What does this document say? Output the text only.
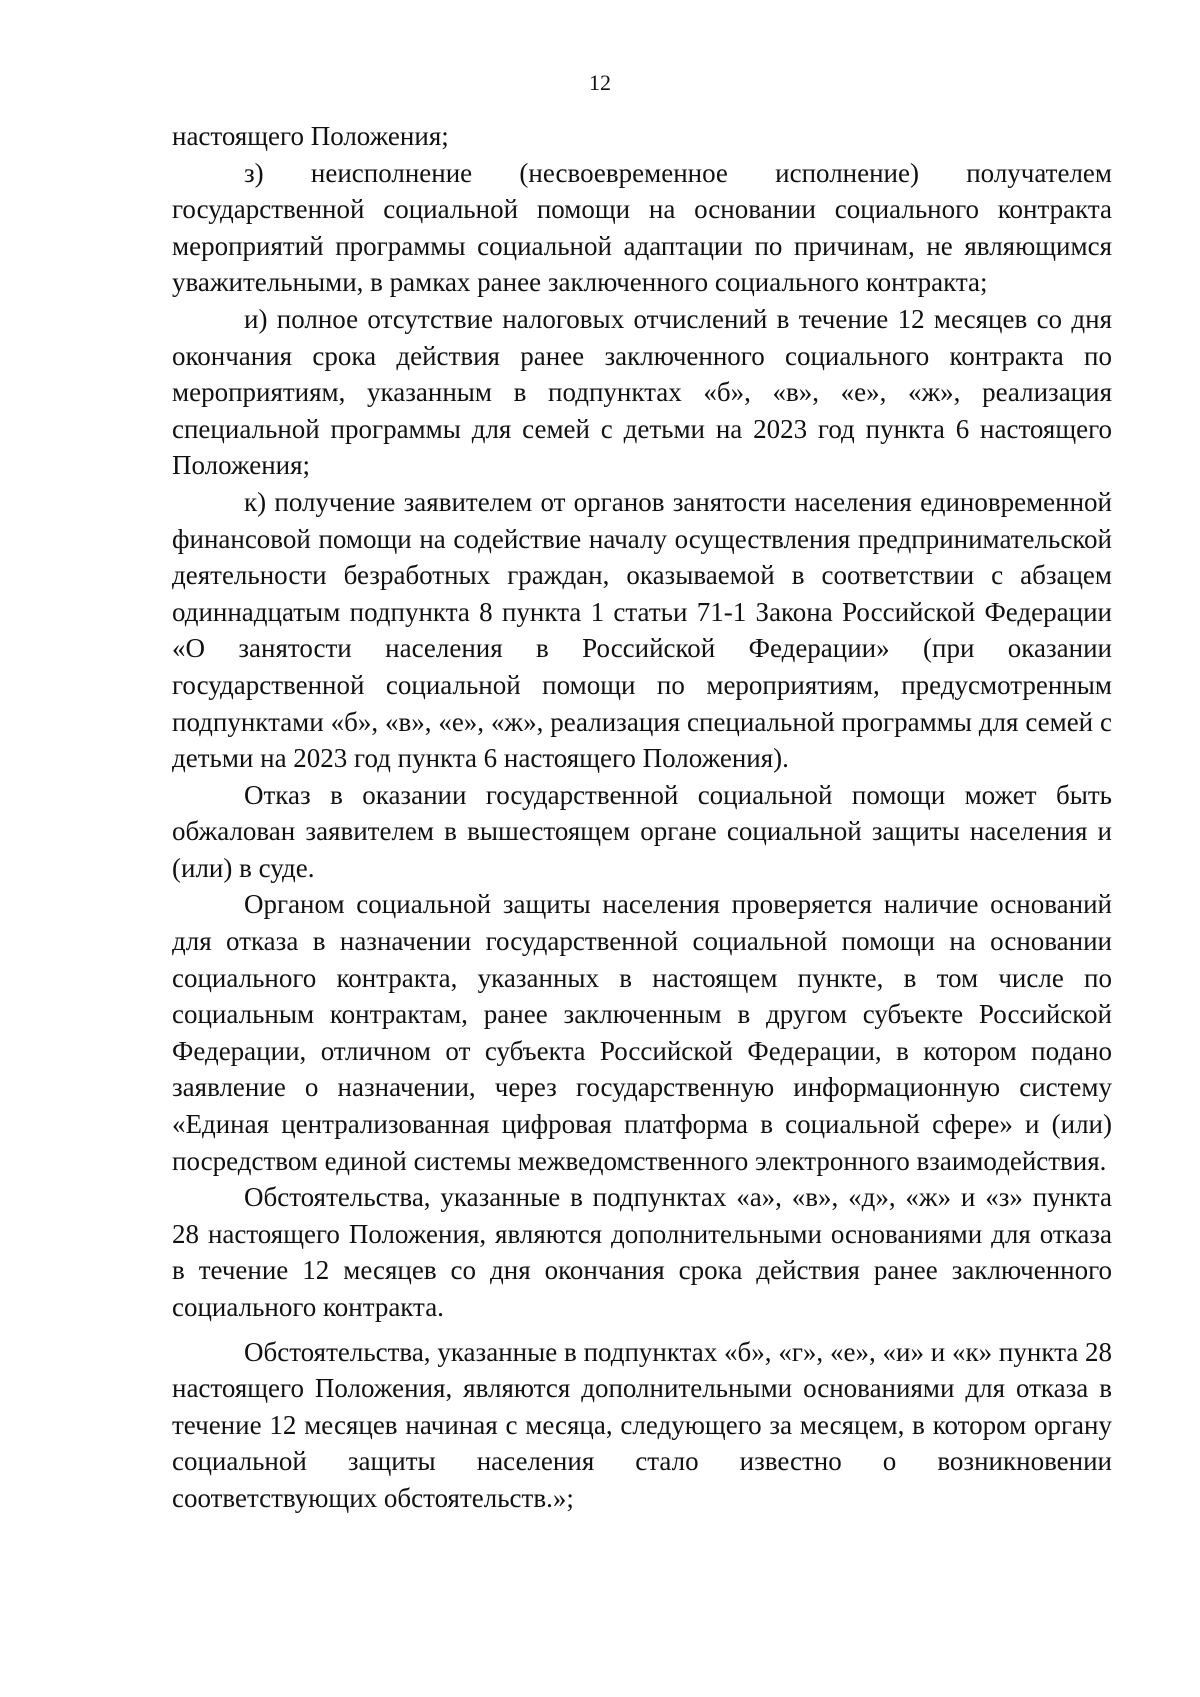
12

настоящего Положения;

з) неисполнение (несвоевременное исполнение) получателем государственной социальной помощи на основании социального контракта мероприятий программы социальной адаптации по причинам, не являющимся уважительными, в рамках ранее заключенного социального контракта;

и) полное отсутствие налоговых отчислений в течение 12 месяцев со дня окончания срока действия ранее заключенного социального контракта по мероприятиям, указанным в подпунктах «б», «в», «е», «ж», реализация специальной программы для семей с детьми на 2023 год пункта 6 настоящего Положения;

к) получение заявителем от органов занятости населения единовременной финансовой помощи на содействие началу осуществления предпринимательской деятельности безработных граждан, оказываемой в соответствии с абзацем одиннадцатым подпункта 8 пункта 1 статьи 71-1 Закона Российской Федерации «О занятости населения в Российской Федерации» (при оказании государственной социальной помощи по мероприятиям, предусмотренным подпунктами «б», «в», «е», «ж», реализация специальной программы для семей с детьми на 2023 год пункта 6 настоящего Положения).

Отказ в оказании государственной социальной помощи может быть обжалован заявителем в вышестоящем органе социальной защиты населения и (или) в суде.

Органом социальной защиты населения проверяется наличие оснований для отказа в назначении государственной социальной помощи на основании социального контракта, указанных в настоящем пункте, в том числе по социальным контрактам, ранее заключенным в другом субъекте Российской Федерации, отличном от субъекта Российской Федерации, в котором подано заявление о назначении, через государственную информационную систему «Единая централизованная цифровая платформа в социальной сфере» и (или) посредством единой системы межведомственного электронного взаимодействия.

Обстоятельства, указанные в подпунктах «а», «в», «д», «ж» и «з» пункта 28 настоящего Положения, являются дополнительными основаниями для отказа в течение 12 месяцев со дня окончания срока действия ранее заключенного социального контракта.

Обстоятельства, указанные в подпунктах «б», «г», «е», «и» и «к» пункта 28 настоящего Положения, являются дополнительными основаниями для отказа в течение 12 месяцев начиная с месяца, следующего за месяцем, в котором органу социальной защиты населения стало известно о возникновении соответствующих обстоятельств.»;
